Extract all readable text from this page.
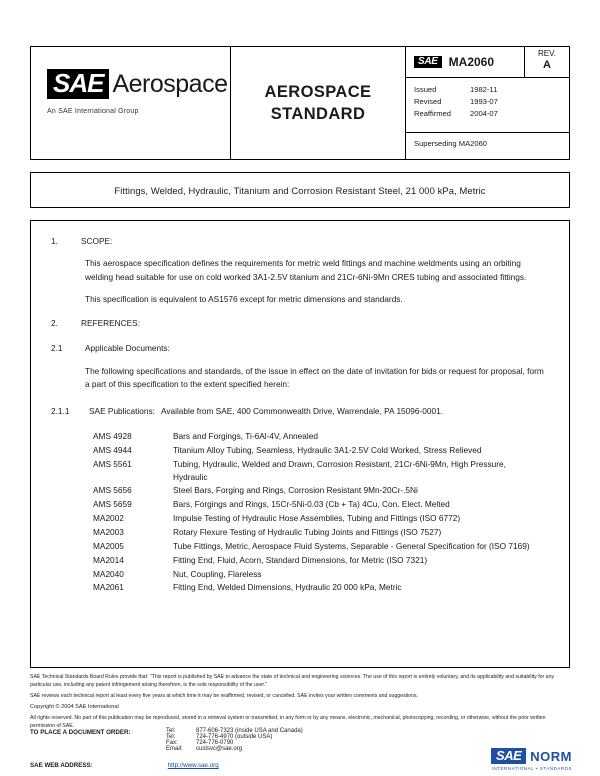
SAE Aerospace
An SAE International Group
AEROSPACE
STANDARD
SAE MA2060
REV.
A
Issued	1982-11
Revised	1993-07
Reaffirmed	2004-07
Superseding MA2060
Fittings, Welded, Hydraulic, Titanium and Corrosion Resistant Steel, 21 000 kPa, Metric
1.	SCOPE:

This aerospace specification defines the requirements for metric weld fittings and machine weldments using an orbiting welding head suitable for use on cold worked 3A1-2.5V titanium and 21Cr-6Ni-9Mn CRES tubing and associated fittings.

This specification is equivalent to AS1576 except for metric dimensions and standards.

2.	REFERENCES:
2.1	Applicable Documents:

The following specifications and standards, of the issue in effect on the date of invitation for bids or request for proposal, form a part of this specification to the extent specified herein:

2.1.1	SAE Publications: Available from SAE, 400 Commonwealth Drive, Warrendale, PA 15096-0001.
AMS 4928	Bars and Forgings, Ti-6Al-4V, Annealed
AMS 4944	Titanium Alloy Tubing, Seamless, Hydraulic 3A1-2.5V Cold Worked, Stress Relieved
AMS 5561	Tubing, Hydraulic, Welded and Drawn, Corrosion Resistant, 21Cr-6Ni-9Mn, High Pressure, Hydraulic
AMS 5656	Steel Bars, Forging and Rings, Corrosion Resistant 9Mn-20Cr-.5Ni
AMS 5659	Bars, Forgings and Rings, 15Cr-5Ni-0.03 (Cb + Ta) 4Cu, Con. Elect. Melted
MA2002	Impulse Testing of Hydraulic Hose Assemblies, Tubing and Fittings (ISO 6772)
MA2003	Rotary Flexure Testing of Hydraulic Tubing Joints and Fittings (ISO 7527)
MA2005	Tube Fittings, Metric, Aerospace Fluid Systems, Separable - General Specification for (ISO 7169)
MA2014	Fitting End, Fluid, Acorn, Standard Dimensions, for Metric (ISO 7321)
MA2040	Nut, Coupling, Flareless
MA2061	Fitting End, Welded Dimensions, Hydraulic 20 000 kPa, Metric

SAE Technical Standards Board Rules provide that: "This report is published by SAE to advance the state of technical and engineering sciences. The use of this report is entirely voluntary, and its applicability and suitability for any particular use, including any patent infringement arising therefrom, is the sole responsibility of the user."

SAE reviews each technical report at least every five years at which time it may be reaffirmed, revised, or cancelled. SAE invites your written comments and suggestions.

Copyright © 2004 SAE International

All rights reserved. No part of this publication may be reproduced, stored in a retrieval system or transmitted, in any form or by any means, electronic, mechanical, photocopying, recording, or otherwise, without the prior written permission of SAE.

TO PLACE A DOCUMENT ORDER:	Tel:	877-606-7323 (inside USA and Canada)
Tel:	724-776-4970 (outside USA)
Fax:	724-776-0790
Email:	custsvc@sae.org
SAE WEB ADDRESS:	http://www.sae.org
SAE NORM
INTERNATIONAL • STANDARDS
